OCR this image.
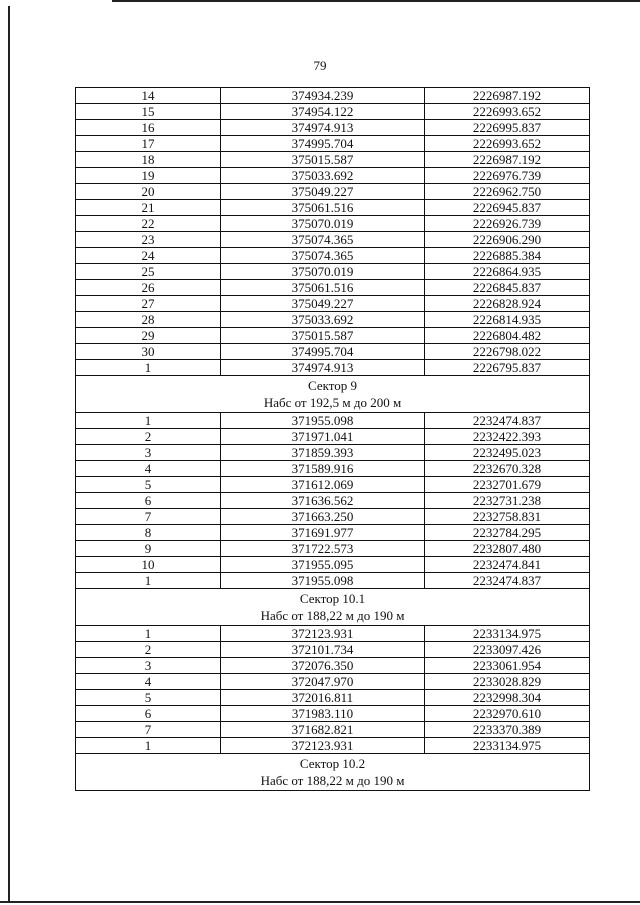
79
14	374934.239	2226987.192
15	374954.122	2226993.652
16	374974.913	2226995.837
17	374995.704	2226993.652
18	375015.587	2226987.192
19	375033.692	2226976.739
20	375049.227	2226962.750
21	375061.516	2226945.837
22	375070.019	2226926.739
23	375074.365	2226906.290
24	375074.365	2226885.384
25	375070.019	2226864.935
26	375061.516	2226845.837
27	375049.227	2226828.924
28	375033.692	2226814.935
29	375015.587	2226804.482
30	374995.704	2226798.022
1	374974.913	2226795.837

Сектор 9
Набс от 192,5 м до 200 м		

1	371955.098	2232474.837
2	371971.041	2232422.393
3	371859.393	2232495.023
4	371589.916	2232670.328
5	371612.069	2232701.679
6	371636.562	2232731.238
7	371663.250	2232758.831
8	371691.977	2232784.295
9	371722.573	2232807.480
10	371955.095	2232474.841
1	371955.098	2232474.837

Сектор 10.1
Набс от 188,22 м до 190 м		

1	372123.931	2233134.975
2	372101.734	2233097.426
3	372076.350	2233061.954
4	372047.970	2233028.829
5	372016.811	2232998.304
6	371983.110	2232970.610
7	371682.821	2233370.389
1	372123.931	2233134.975

Сектор 10.2
Набс от 188,22 м до 190 м		
